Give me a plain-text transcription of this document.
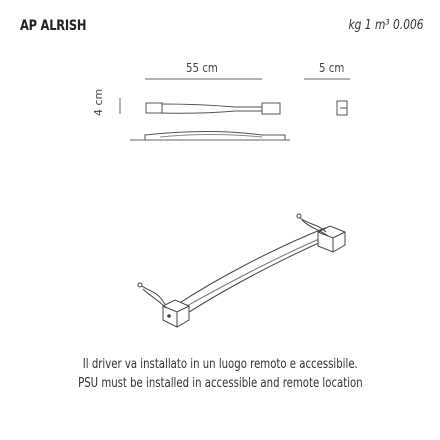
AP ALRISH	kg 1 m³ 0.006
55 cm	5 cm
4 cm
Il driver va installato in un luogo remoto e accessibile.
PSU must be installed in accessible and remote location
